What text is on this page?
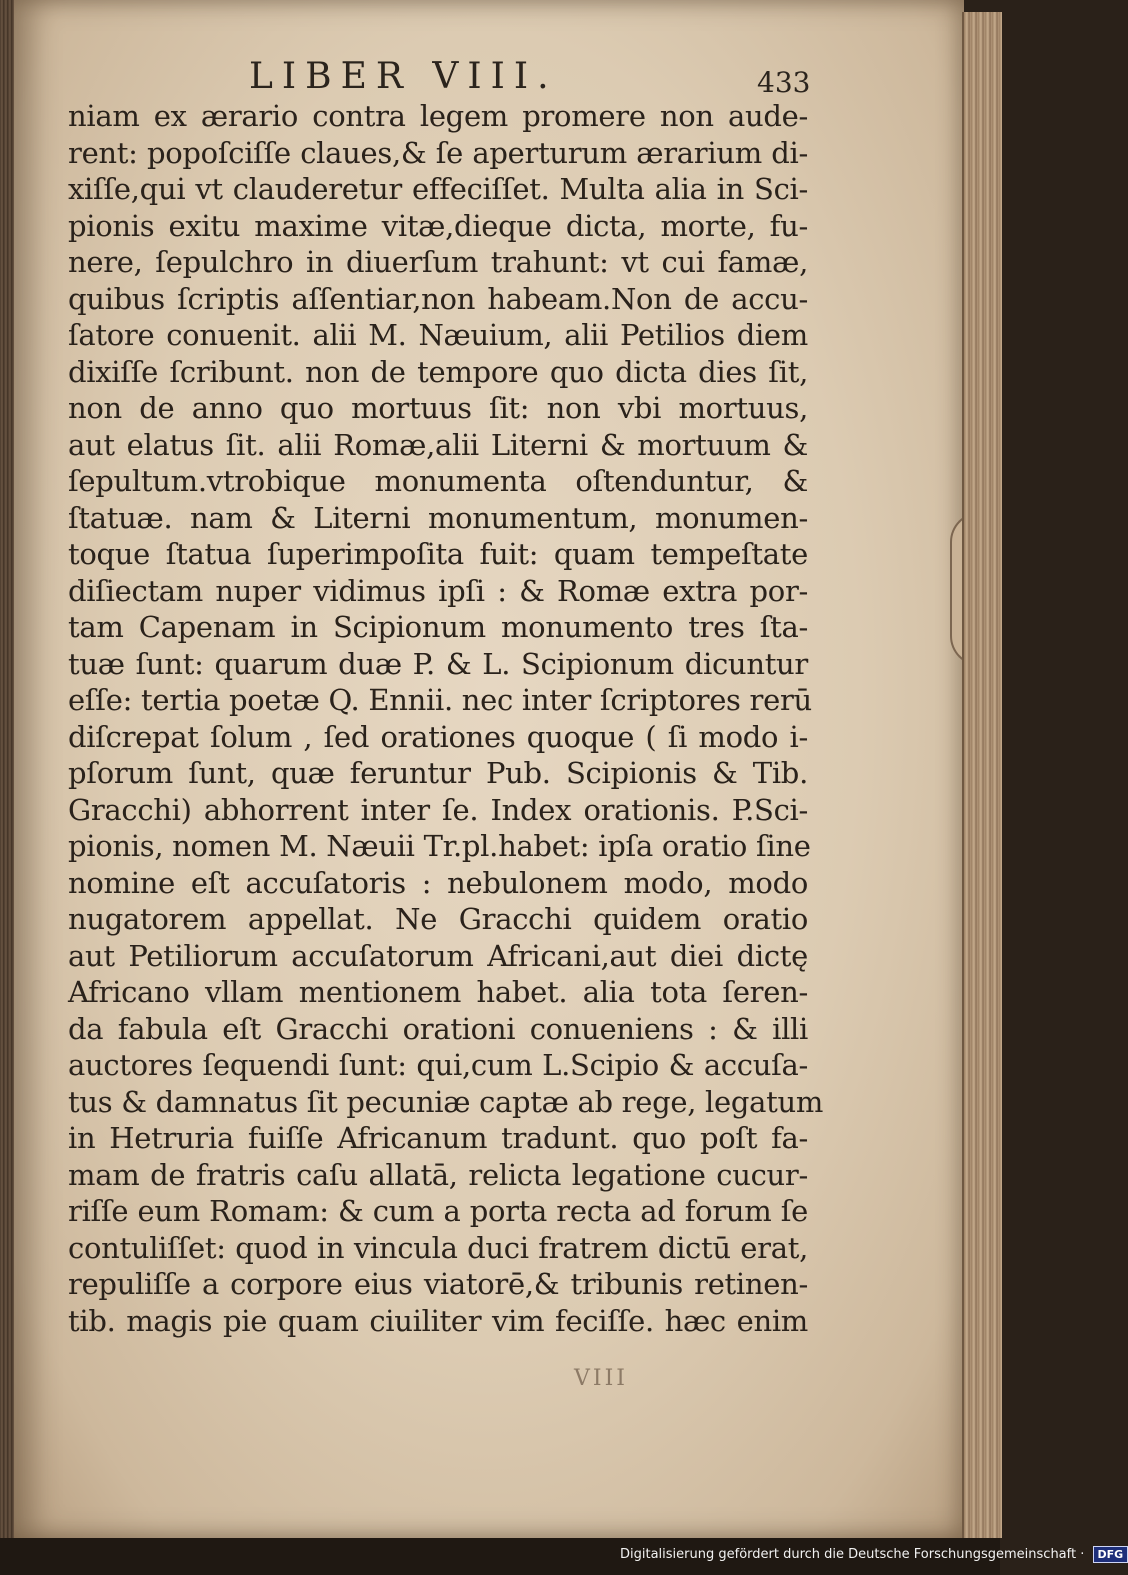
LIBER VIII.	433
niam ex ærario contra legem promere non aude-
rent: popoſciſſe claues,& ſe aperturum ærarium di-
xiſſe,qui vt clauderetur effeciſſet. Multa alia in Sci-
pionis exitu maxime vitæ,dieque dicta, morte, fu-
nere, ſepulchro in diuerſum trahunt: vt cui famæ,
quibus ſcriptis aſſentiar,non habeam.Non de accu-
ſatore conuenit. alii M. Næuium, alii Petilios diem
dixiſſe ſcribunt. non de tempore quo dicta dies ſit,
non de anno quo mortuus ſit: non vbi mortuus,
aut elatus ſit. alii Romæ,alii Literni & mortuum &
ſepultum.vtrobique monumenta oſtenduntur, &
ſtatuæ. nam & Literni monumentum, monumen-
toque ſtatua ſuperimpoſita fuit: quam tempeſtate
diſiectam nuper vidimus ipſi : & Romæ extra por-
tam Capenam in Scipionum monumento tres ſta-
tuæ ſunt: quarum duæ P. & L. Scipionum dicuntur
eſſe: tertia poetæ Q. Ennii. nec inter ſcriptores rerū
diſcrepat ſolum , ſed orationes quoque ( ſi modo i-
pſorum ſunt, quæ feruntur Pub. Scipionis & Tib.
Gracchi) abhorrent inter ſe. Index orationis. P.Sci-
pionis, nomen M. Næuii Tr.pl.habet: ipſa oratio ſine
nomine eſt accuſatoris : nebulonem modo, modo
nugatorem appellat. Ne Gracchi quidem oratio
aut Petiliorum accuſatorum Africani,aut diei dictę
Africano vllam mentionem habet. alia tota ſeren-
da fabula eſt Gracchi orationi conueniens : & illi
auctores ſequendi ſunt: qui,cum L.Scipio & accuſa-
tus & damnatus ſit pecuniæ captæ ab rege, legatum
in Hetruria fuiſſe Africanum tradunt. quo poſt fa-
mam de fratris caſu allatā, relicta legatione cucur-
riſſe eum Romam: & cum a porta recta ad forum ſe
contuliſſet: quod in vincula duci fratrem dictū erat,
repuliſſe a corpore eius viatorē,& tribunis retinen-
tib. magis pie quam ciuiliter vim feciſſe. hæc enim
VIII
Digitalisierung gefördert durch die Deutsche Forschungsgemeinschaft · DFG
